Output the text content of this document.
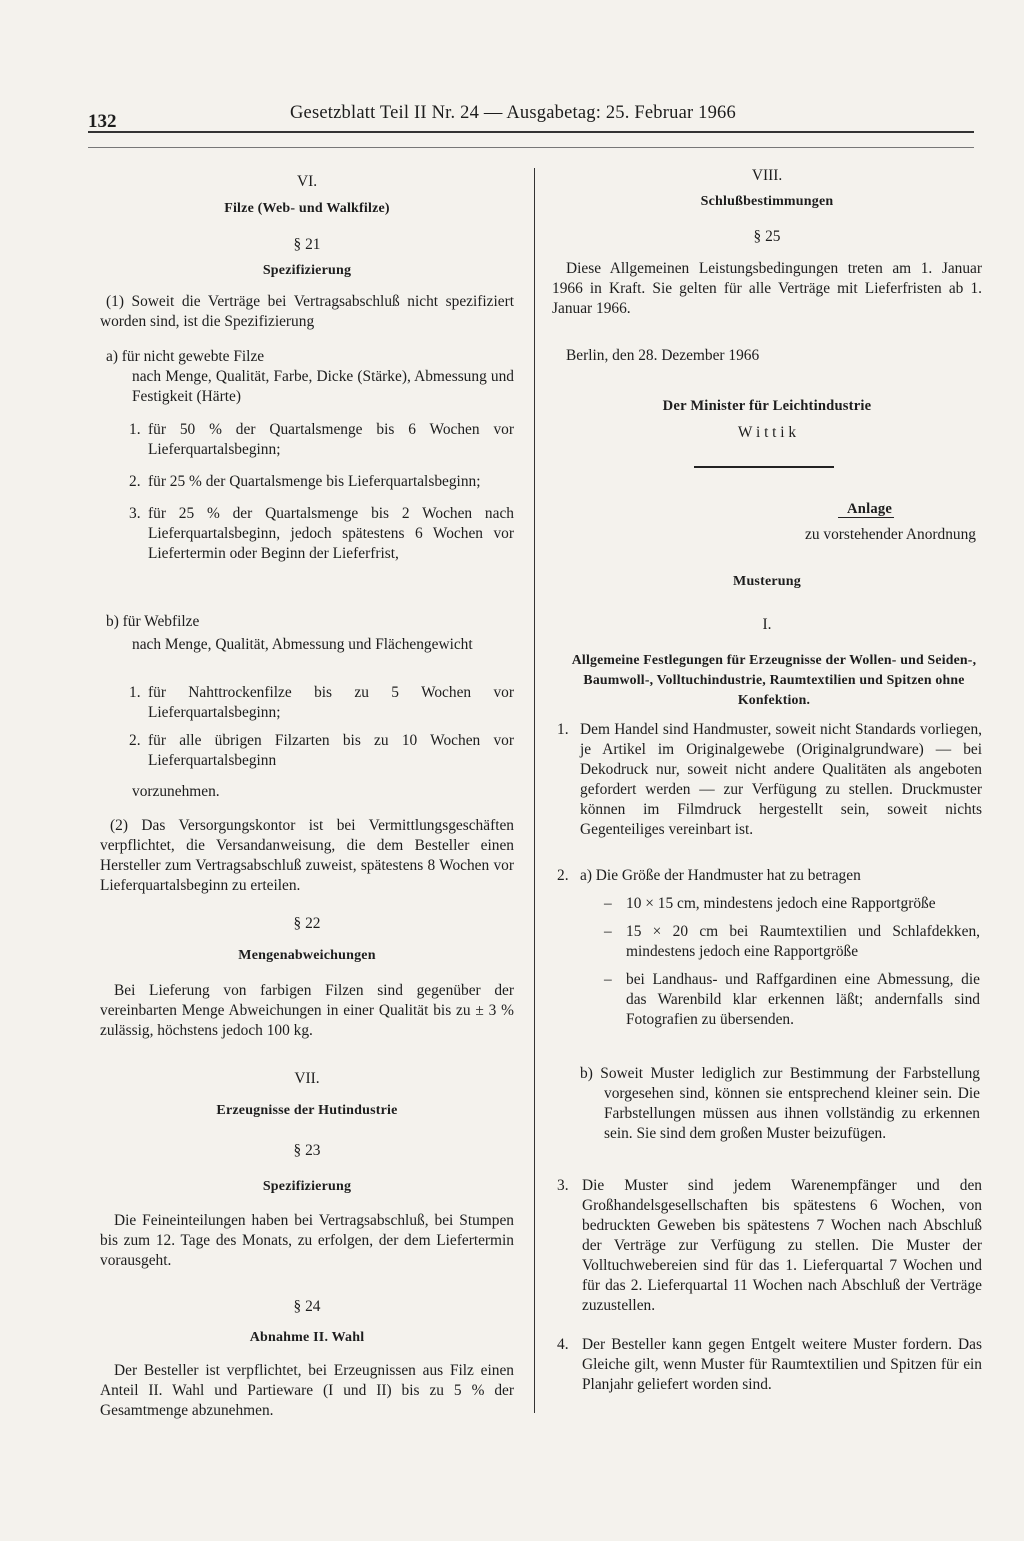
132	Gesetzblatt Teil II Nr. 24 — Ausgabetag: 25. Februar 1966

VI.

Filze (Web- und Walkfilze)

§ 21

Spezifizierung

(1) Soweit die Verträge bei Vertragsabschluß nicht spezifiziert worden sind, ist die Spezifizierung

a) für nicht gewebte Filze

nach Menge, Qualität, Farbe, Dicke (Stärke), Abmessung und Festigkeit (Härte)

1. für 50 % der Quartalsmenge bis 6 Wochen vor Lieferquartalsbeginn;

2. für 25 % der Quartalsmenge bis Lieferquartalsbeginn;

3. für 25 % der Quartalsmenge bis 2 Wochen nach Lieferquartalsbeginn, jedoch spätestens 6 Wochen vor Liefertermin oder Beginn der Lieferfrist,

b) für Webfilze

nach Menge, Qualität, Abmessung und Flächengewicht

1. für Nahttrockenfilze bis zu 5 Wochen vor Lieferquartalsbeginn;

2. für alle übrigen Filzarten bis zu 10 Wochen vor Lieferquartalsbeginn

vorzunehmen.

(2) Das Versorgungskontor ist bei Vermittlungsgeschäften verpflichtet, die Versandanweisung, die dem Besteller einen Hersteller zum Vertragsabschluß zuweist, spätestens 8 Wochen vor Lieferquartalsbeginn zu erteilen.

§ 22

Mengenabweichungen

Bei Lieferung von farbigen Filzen sind gegenüber der vereinbarten Menge Abweichungen in einer Qualität bis zu ± 3 % zulässig, höchstens jedoch 100 kg.

VII.

Erzeugnisse der Hutindustrie

§ 23

Spezifizierung

Die Feineinteilungen haben bei Vertragsabschluß, bei Stumpen bis zum 12. Tage des Monats, zu erfolgen, der dem Liefertermin vorausgeht.

§ 24

Abnahme II. Wahl

Der Besteller ist verpflichtet, bei Erzeugnissen aus Filz einen Anteil II. Wahl und Partieware (I und II) bis zu 5 % der Gesamtmenge abzunehmen.

VIII.

Schlußbestimmungen

§ 25

Diese Allgemeinen Leistungsbedingungen treten am 1. Januar 1966 in Kraft. Sie gelten für alle Verträge mit Lieferfristen ab 1. Januar 1966.

Berlin, den 28. Dezember 1966

Der Minister für Leichtindustrie

W i t t i k

Anlage

zu vorstehender Anordnung

Musterung

I.

Allgemeine Festlegungen für Erzeugnisse der Wollen- und Seiden-, Baumwoll-, Volltuchindustrie, Raumtextilien und Spitzen ohne Konfektion.

1. Dem Handel sind Handmuster, soweit nicht Standards vorliegen, je Artikel im Originalgewebe (Originalgrundware) — bei Dekodruck nur, soweit nicht andere Qualitäten als angeboten gefordert werden — zur Verfügung zu stellen. Druckmuster können im Filmdruck hergestellt sein, soweit nichts Gegenteiliges vereinbart ist.

2. a) Die Größe der Handmuster hat zu betragen

– 10 × 15 cm, mindestens jedoch eine Rapportgröße

– 15 × 20 cm bei Raumtextilien und Schlafdekken, mindestens jedoch eine Rapportgröße

– bei Landhaus- und Raffgardinen eine Abmessung, die das Warenbild klar erkennen läßt; andernfalls sind Fotografien zu übersenden.

b) Soweit Muster lediglich zur Bestimmung der Farbstellung vorgesehen sind, können sie entsprechend kleiner sein. Die Farbstellungen müssen aus ihnen vollständig zu erkennen sein. Sie sind dem großen Muster beizufügen.

3. Die Muster sind jedem Warenempfänger und den Großhandelsgesellschaften bis spätestens 6 Wochen, von bedruckten Geweben bis spätestens 7 Wochen nach Abschluß der Verträge zur Verfügung zu stellen. Die Muster der Volltuchwebereien sind für das 1. Lieferquartal 7 Wochen und für das 2. Lieferquartal 11 Wochen nach Abschluß der Verträge zuzustellen.

4. Der Besteller kann gegen Entgelt weitere Muster fordern. Das Gleiche gilt, wenn Muster für Raumtextilien und Spitzen für ein Planjahr geliefert worden sind.
